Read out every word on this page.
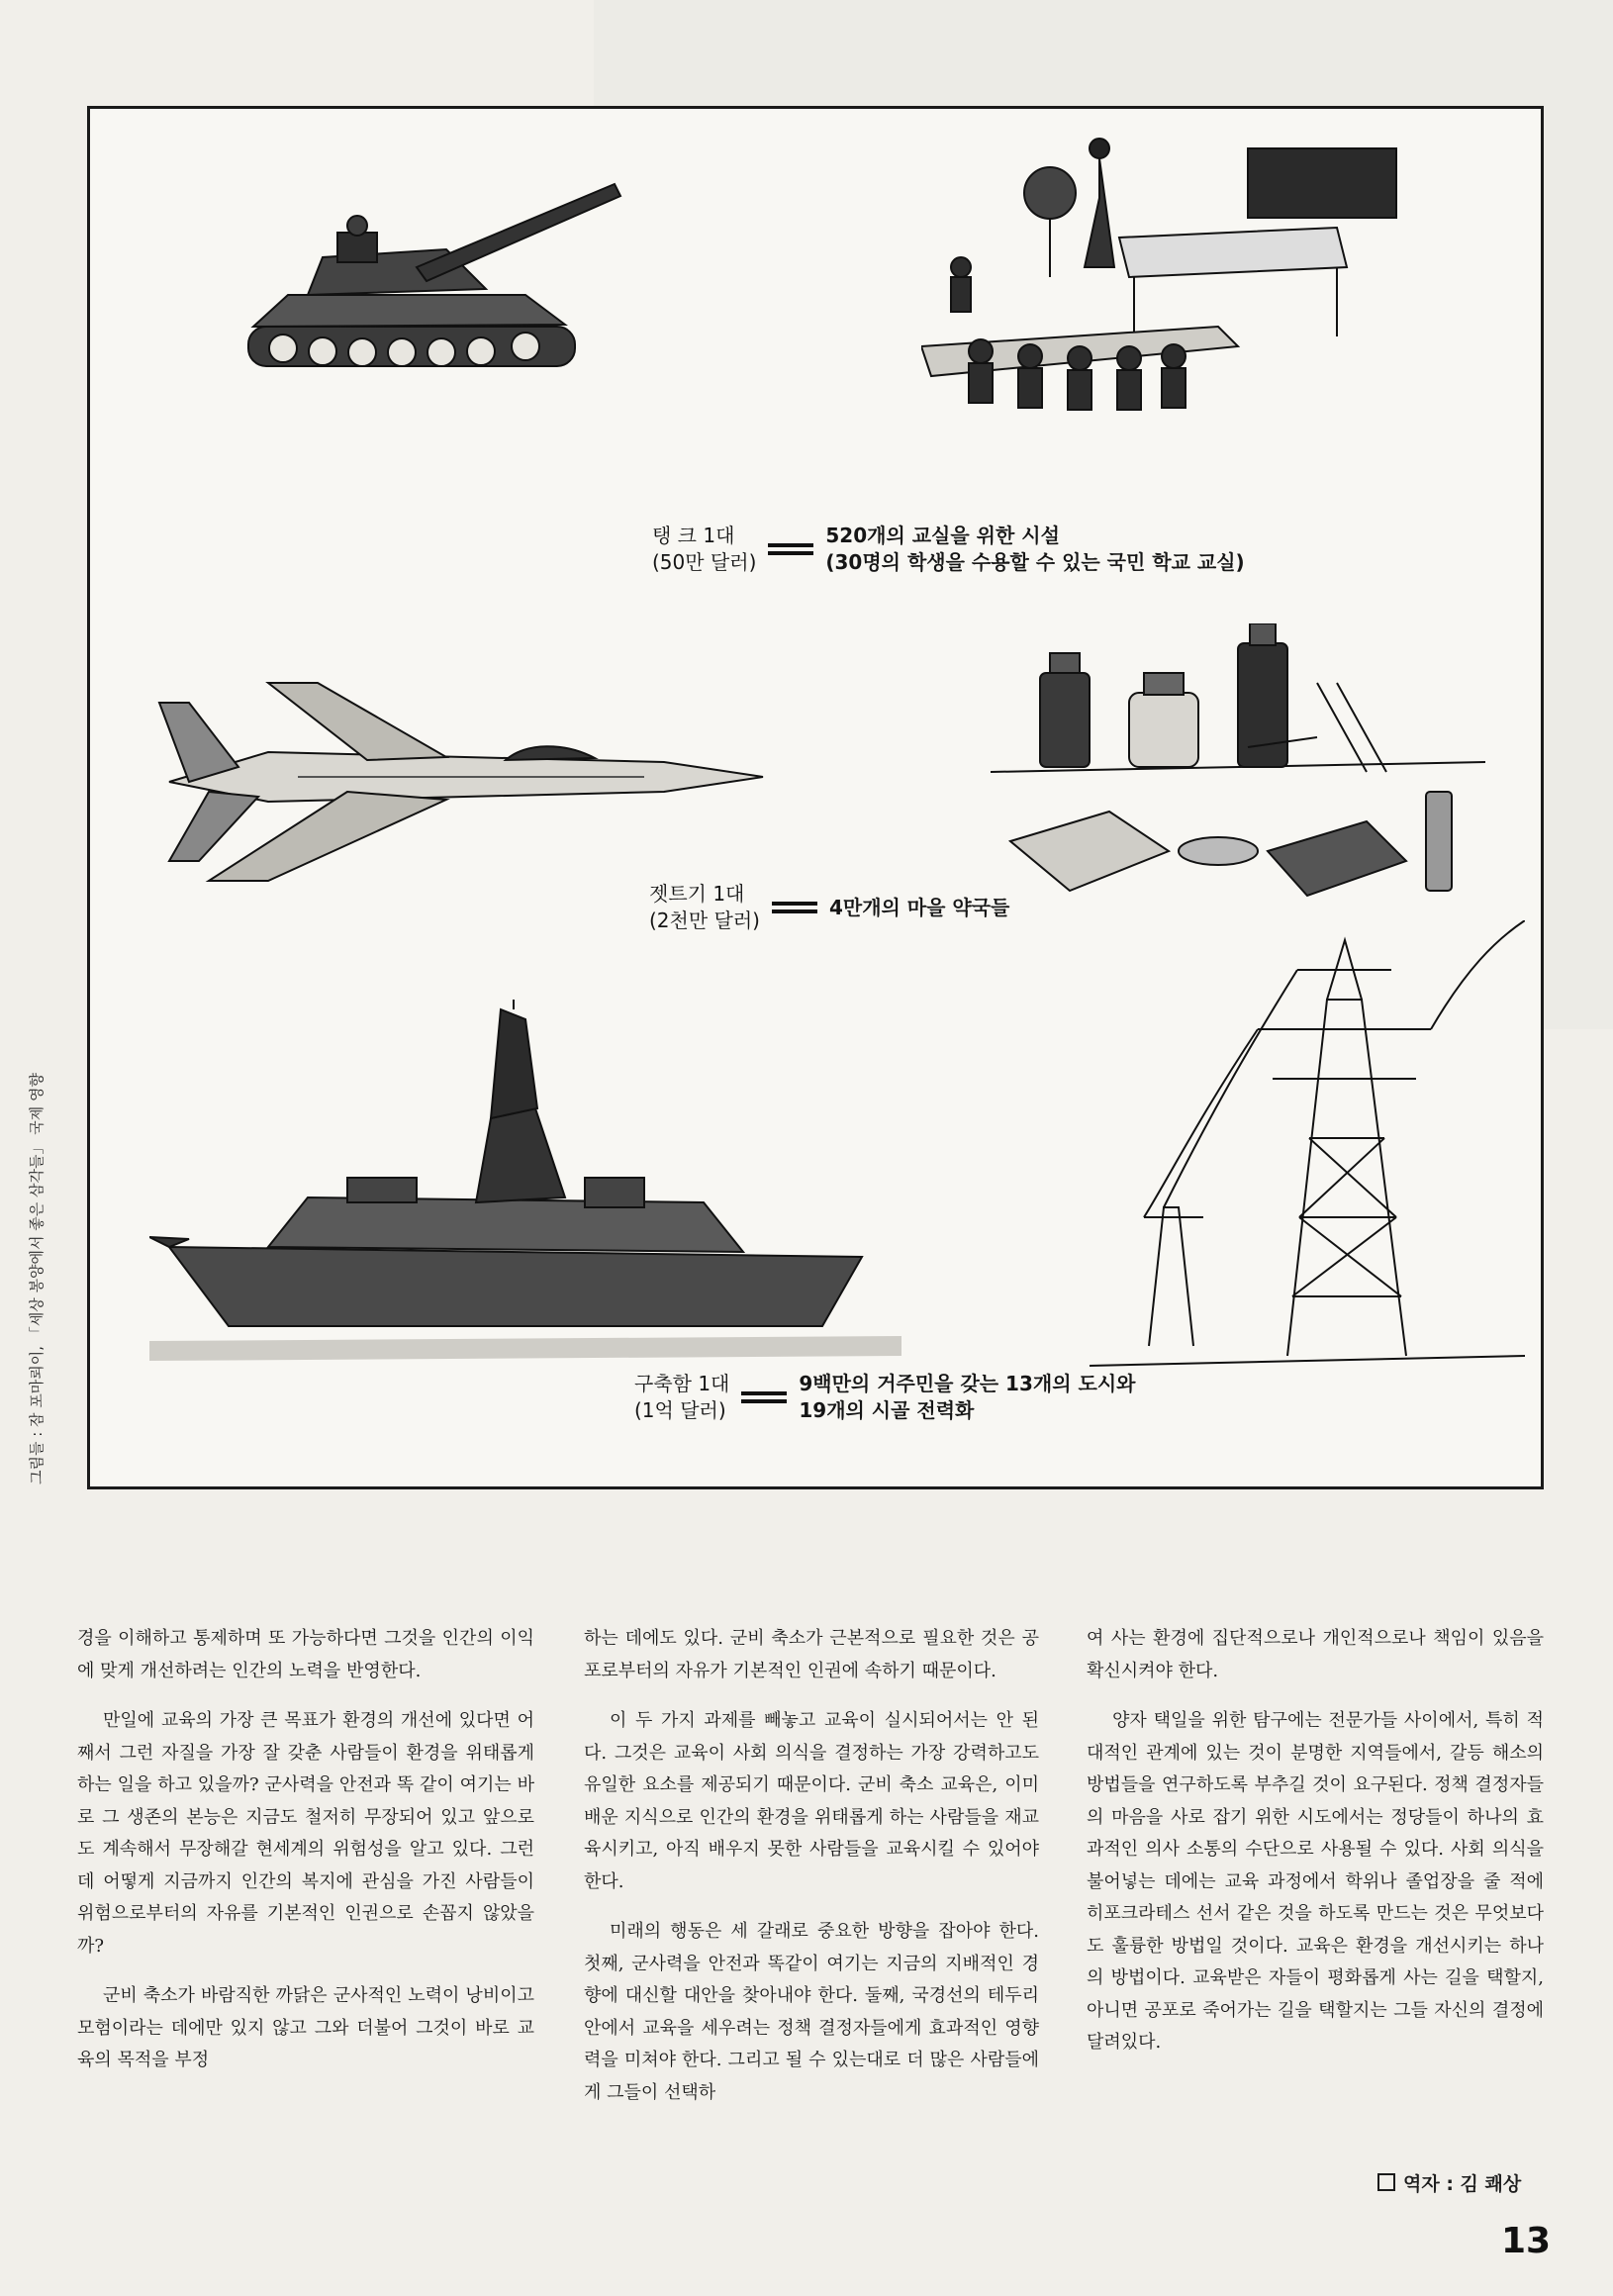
탱 크 1대
(50만 달러)520개의 교실을 위한 시설
(30명의 학생을 수용할 수 있는 국민 학교 교실)
젯트기 1대
(2천만 달러)4만개의 마을 약국들
구축함 1대
(1억 달러)9백만의 거주민을 갖는 13개의 도시와
19개의 시골 전력화
그림들 : 잠 포마뢰이, 「세상 봉양에서 좋은 삼각들」 국제 영향

경을 이해하고 통제하며 또 가능하다면 그것을 인간의 이익에 맞게 개선하려는 인간의 노력을 반영한다.

만일에 교육의 가장 큰 목표가 환경의 개선에 있다면 어째서 그런 자질을 가장 잘 갖춘 사람들이 환경을 위태롭게 하는 일을 하고 있을까? 군사력을 안전과 똑 같이 여기는 바로 그 생존의 본능은 지금도 철저히 무장되어 있고 앞으로도 계속해서 무장해갈 현세계의 위험성을 알고 있다. 그런데 어떻게 지금까지 인간의 복지에 관심을 가진 사람들이 위험으로부터의 자유를 기본적인 인권으로 손꼽지 않았을까?

군비 축소가 바람직한 까닭은 군사적인 노력이 낭비이고 모험이라는 데에만 있지 않고 그와 더불어 그것이 바로 교육의 목적을 부정

하는 데에도 있다. 군비 축소가 근본적으로 필요한 것은 공포로부터의 자유가 기본적인 인권에 속하기 때문이다.

이 두 가지 과제를 빼놓고 교육이 실시되어서는 안 된다. 그것은 교육이 사회 의식을 결정하는 가장 강력하고도 유일한 요소를 제공되기 때문이다. 군비 축소 교육은, 이미 배운 지식으로 인간의 환경을 위태롭게 하는 사람들을 재교육시키고, 아직 배우지 못한 사람들을 교육시킬 수 있어야 한다.

미래의 행동은 세 갈래로 중요한 방향을 잡아야 한다. 첫째, 군사력을 안전과 똑같이 여기는 지금의 지배적인 경향에 대신할 대안을 찾아내야 한다. 둘째, 국경선의 테두리 안에서 교육을 세우려는 정책 결정자들에게 효과적인 영향력을 미쳐야 한다. 그리고 될 수 있는대로 더 많은 사람들에게 그들이 선택하

여 사는 환경에 집단적으로나 개인적으로나 책임이 있음을 확신시켜야 한다.

양자 택일을 위한 탐구에는 전문가들 사이에서, 특히 적대적인 관계에 있는 것이 분명한 지역들에서, 갈등 해소의 방법들을 연구하도록 부추길 것이 요구된다. 정책 결정자들의 마음을 사로 잡기 위한 시도에서는 정당들이 하나의 효과적인 의사 소통의 수단으로 사용될 수 있다. 사회 의식을 불어넣는 데에는 교육 과정에서 학위나 졸업장을 줄 적에 히포크라테스 선서 같은 것을 하도록 만드는 것은 무엇보다도 훌륭한 방법일 것이다. 교육은 환경을 개선시키는 하나의 방법이다. 교육받은 자들이 평화롭게 사는 길을 택할지, 아니면 공포로 죽어가는 길을 택할지는 그들 자신의 결정에 달려있다.

역자 : 김 쾌상
13
